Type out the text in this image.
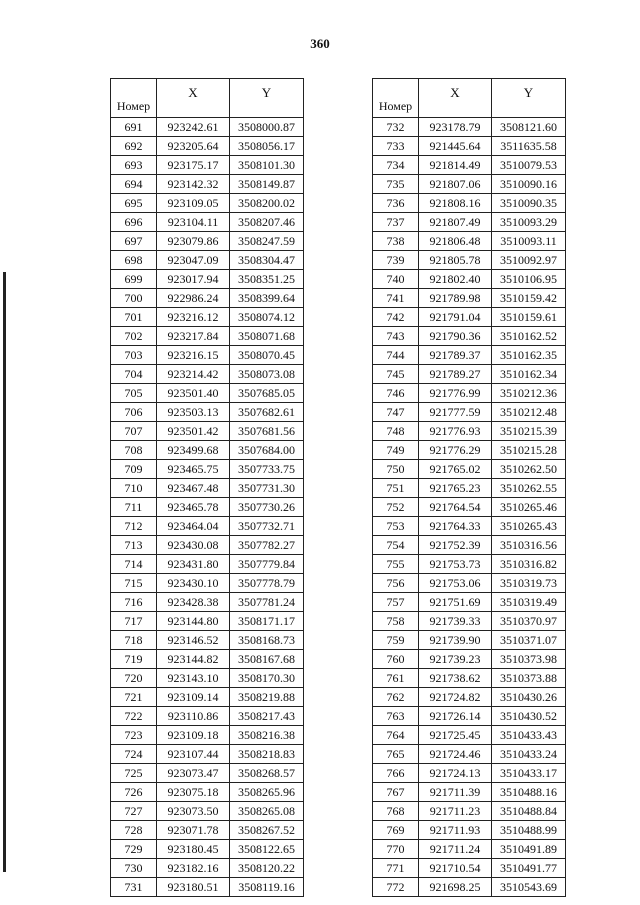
360
Номер	X	Y
691	923242.61	3508000.87
692	923205.64	3508056.17
693	923175.17	3508101.30
694	923142.32	3508149.87
695	923109.05	3508200.02
696	923104.11	3508207.46
697	923079.86	3508247.59
698	923047.09	3508304.47
699	923017.94	3508351.25
700	922986.24	3508399.64
701	923216.12	3508074.12
702	923217.84	3508071.68
703	923216.15	3508070.45
704	923214.42	3508073.08
705	923501.40	3507685.05
706	923503.13	3507682.61
707	923501.42	3507681.56
708	923499.68	3507684.00
709	923465.75	3507733.75
710	923467.48	3507731.30
711	923465.78	3507730.26
712	923464.04	3507732.71
713	923430.08	3507782.27
714	923431.80	3507779.84
715	923430.10	3507778.79
716	923428.38	3507781.24
717	923144.80	3508171.17
718	923146.52	3508168.73
719	923144.82	3508167.68
720	923143.10	3508170.30
721	923109.14	3508219.88
722	923110.86	3508217.43
723	923109.18	3508216.38
724	923107.44	3508218.83
725	923073.47	3508268.57
726	923075.18	3508265.96
727	923073.50	3508265.08
728	923071.78	3508267.52
729	923180.45	3508122.65
730	923182.16	3508120.22
731	923180.51	3508119.16
Номер	X	Y
732	923178.79	3508121.60
733	921445.64	3511635.58
734	921814.49	3510079.53
735	921807.06	3510090.16
736	921808.16	3510090.35
737	921807.49	3510093.29
738	921806.48	3510093.11
739	921805.78	3510092.97
740	921802.40	3510106.95
741	921789.98	3510159.42
742	921791.04	3510159.61
743	921790.36	3510162.52
744	921789.37	3510162.35
745	921789.27	3510162.34
746	921776.99	3510212.36
747	921777.59	3510212.48
748	921776.93	3510215.39
749	921776.29	3510215.28
750	921765.02	3510262.50
751	921765.23	3510262.55
752	921764.54	3510265.46
753	921764.33	3510265.43
754	921752.39	3510316.56
755	921753.73	3510316.82
756	921753.06	3510319.73
757	921751.69	3510319.49
758	921739.33	3510370.97
759	921739.90	3510371.07
760	921739.23	3510373.98
761	921738.62	3510373.88
762	921724.82	3510430.26
763	921726.14	3510430.52
764	921725.45	3510433.43
765	921724.46	3510433.24
766	921724.13	3510433.17
767	921711.39	3510488.16
768	921711.23	3510488.84
769	921711.93	3510488.99
770	921711.24	3510491.89
771	921710.54	3510491.77
772	921698.25	3510543.69
